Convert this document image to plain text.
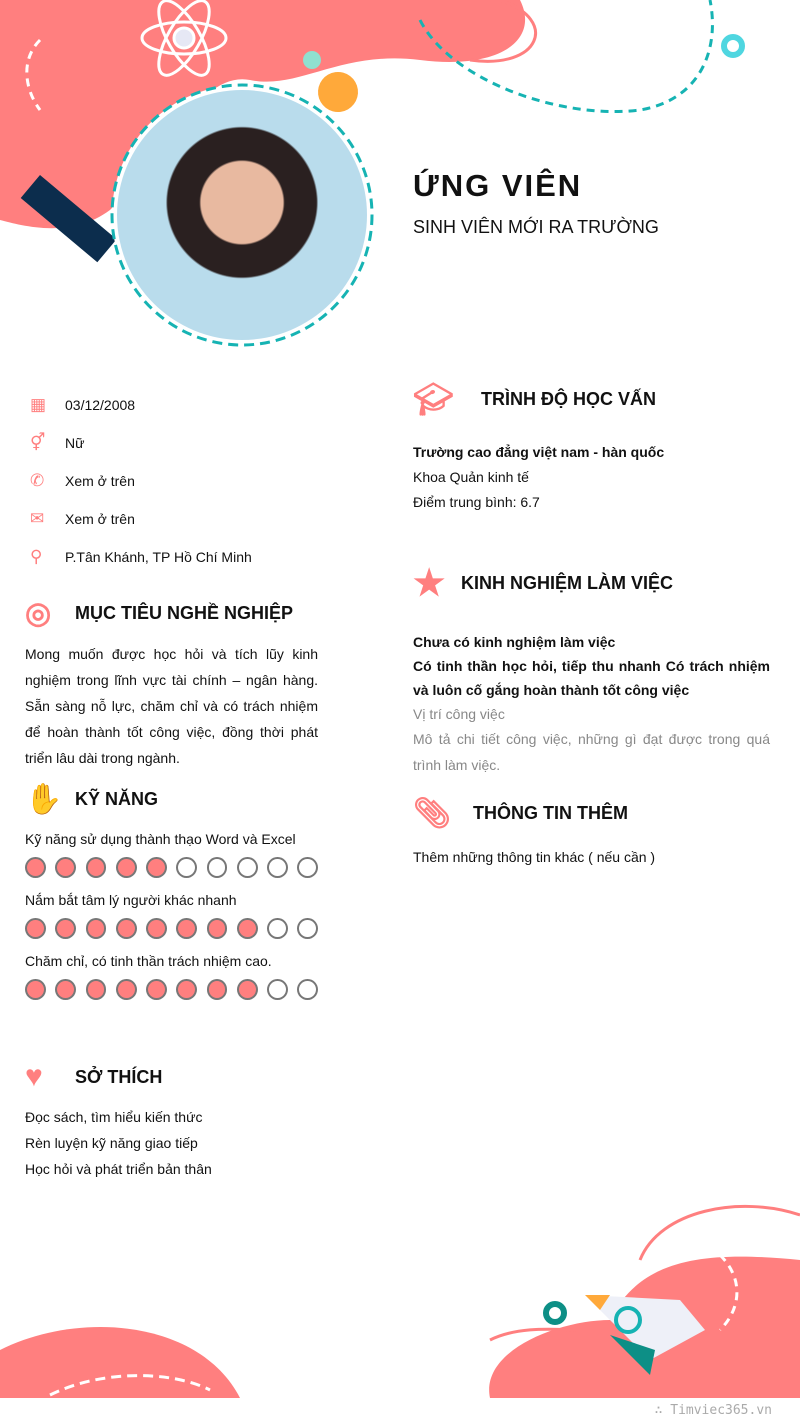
ỨNG VIÊN
SINH VIÊN MỚI RA TRƯỜNG
▦	03/12/2008
⚥	Nữ
✆	Xem ở trên
✉	Xem ở trên
⚲	P.Tân Khánh, TP Hồ Chí Minh
◎	MỤC TIÊU NGHỀ NGHIỆP

Mong muốn được học hỏi và tích lũy kinh nghiệm trong lĩnh vực tài chính – ngân hàng. Sẵn sàng nỗ lực, chăm chỉ và có trách nhiệm để hoàn thành tốt công việc, đồng thời phát triển lâu dài trong ngành.

✋ KỸ NĂNG
Kỹ năng sử dụng thành thạo Word và Excel
Nắm bắt tâm lý người khác nhanh
Chăm chỉ, có tinh thần trách nhiệm cao.
♥	SỞ THÍCH
Đọc sách, tìm hiểu kiến thức
Rèn luyện kỹ năng giao tiếp
Học hỏi và phát triển bản thân
🎓︎	TRÌNH ĐỘ HỌC VẤN
Trường cao đẳng việt nam - hàn quốc
Khoa Quản kinh tế
Điểm trung bình: 6.7
★ KINH NGHIỆM LÀM VIỆC
Chưa có kinh nghiệm làm việc
Có tinh thần học hỏi, tiếp thu nhanh Có trách nhiệm và luôn cố gắng hoàn thành tốt công việc
Vị trí công việc
Mô tả chi tiết công việc, những gì đạt được trong quá trình làm việc.
📎︎	THÔNG TIN THÊM
Thêm những thông tin khác ( nếu cần )
∴ Timviec365.vn
